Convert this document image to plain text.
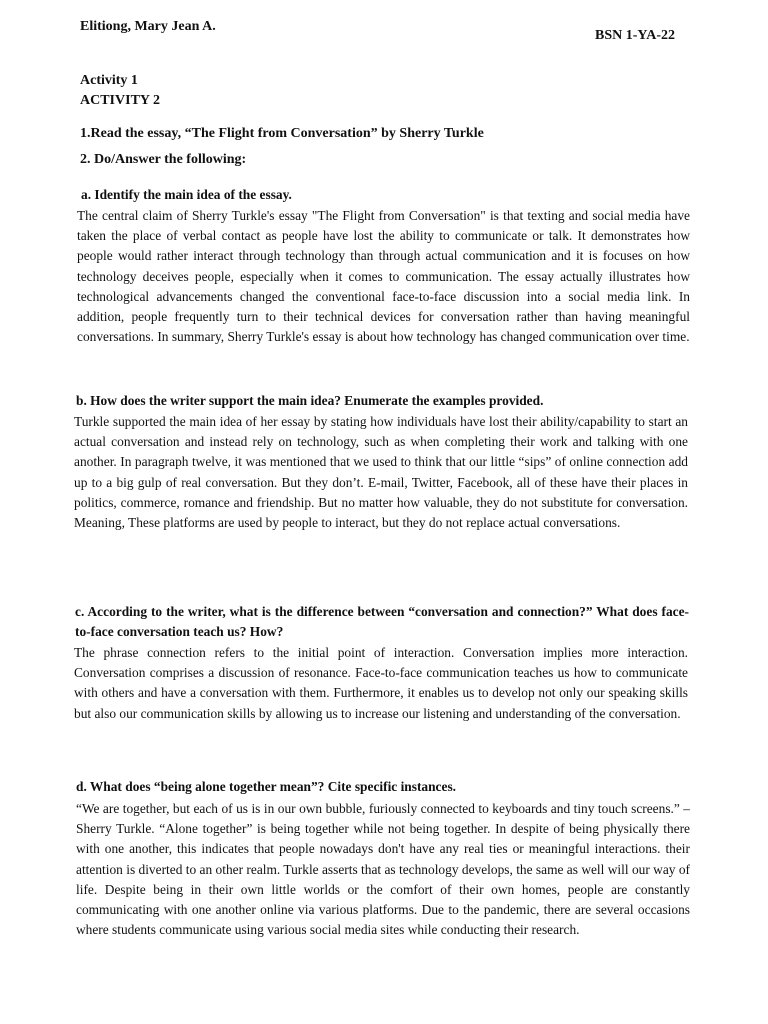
Elitiong, Mary Jean A.
BSN 1-YA-22
Activity 1
ACTIVITY 2
1.Read the essay, “The Flight from Conversation” by Sherry Turkle
2. Do/Answer the following:
a. Identify the main idea of the essay.

The central claim of Sherry Turkle's essay "The Flight from Conversation" is that texting and social media have taken the place of verbal contact as people have lost the ability to communicate or talk. It demonstrates how people would rather interact through technology than through actual communication and it is focuses on how technology deceives people, especially when it comes to communication. The essay actually illustrates how technological advancements changed the conventional face-to-face discussion into a social media link. In addition, people frequently turn to their technical devices for conversation rather than having meaningful conversations. In summary, Sherry Turkle's essay is about how technology has changed communication over time.

b. How does the writer support the main idea? Enumerate the examples provided.

Turkle supported the main idea of her essay by stating how individuals have lost their ability/capability to start an actual conversation and instead rely on technology, such as when completing their work and talking with one another. In paragraph twelve, it was mentioned that we used to think that our little “sips” of online connection add up to a big gulp of real conversation. But they don’t. E-mail, Twitter, Facebook, all of these have their places in politics, commerce, romance and friendship. But no matter how valuable, they do not substitute for conversation. Meaning, These platforms are used by people to interact, but they do not replace actual conversations.

c. According to the writer, what is the difference between “conversation and connection?” What does face-to-face conversation teach us? How?

The phrase connection refers to the initial point of interaction. Conversation implies more interaction. Conversation comprises a discussion of resonance. Face-to-face communication teaches us how to communicate with others and have a conversation with them. Furthermore, it enables us to develop not only our speaking skills but also our communication skills by allowing us to increase our listening and understanding of the conversation.

d. What does “being alone together mean”? Cite specific instances.

“We are together, but each of us is in our own bubble, furiously connected to keyboards and tiny touch screens.” – Sherry Turkle. “Alone together” is being together while not being together. In despite of being physically there with one another, this indicates that people nowadays don't have any real ties or meaningful interactions. their attention is diverted to an other realm. Turkle asserts that as technology develops, the same as well will our way of life. Despite being in their own little worlds or the comfort of their own homes, people are constantly communicating with one another online via various platforms. Due to the pandemic, there are several occasions where students communicate using various social media sites while conducting their research.
